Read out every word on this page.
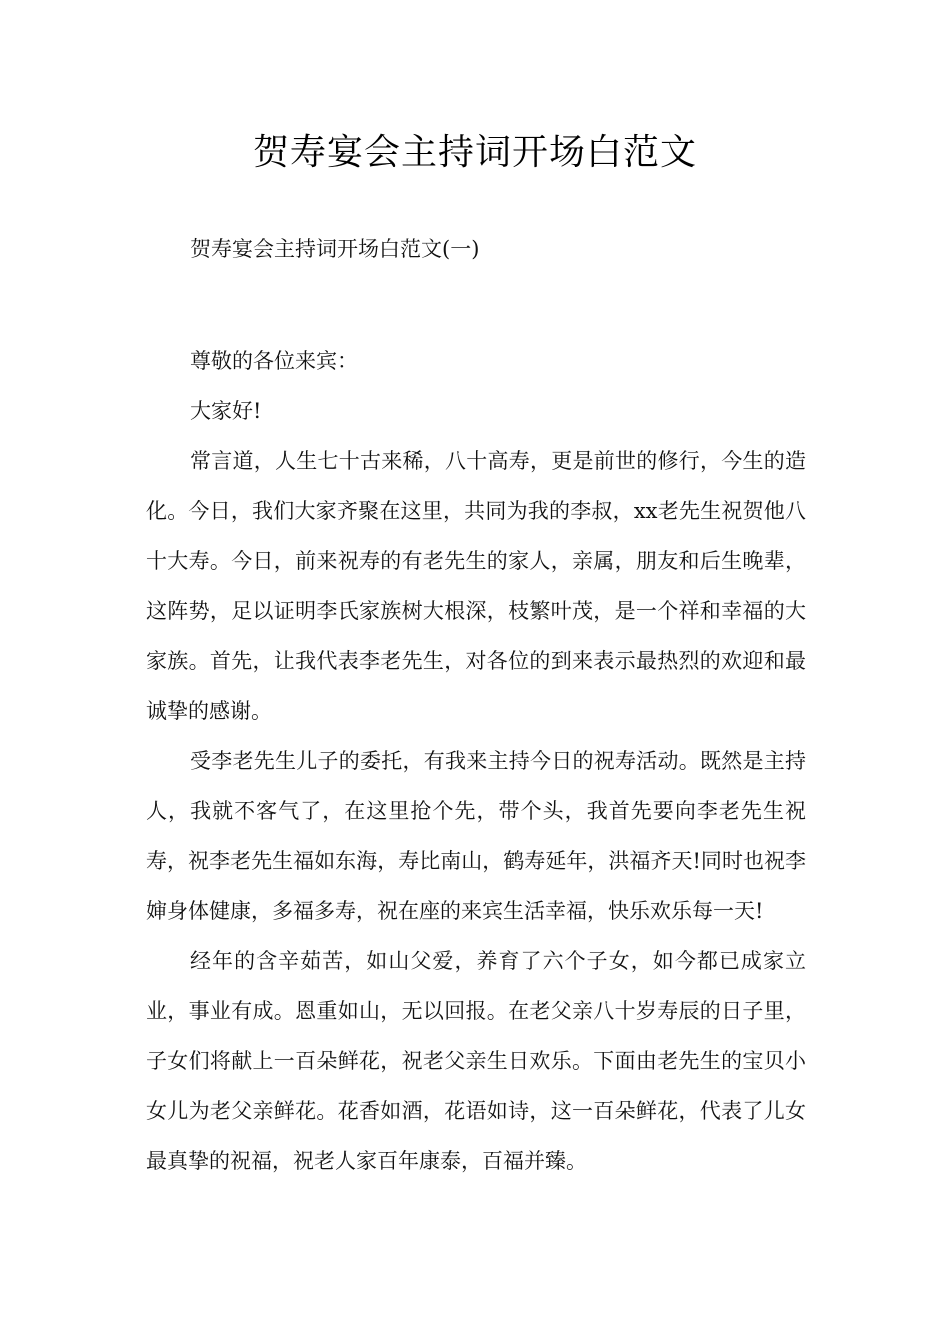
贺寿宴会主持词开场白范文
贺寿宴会主持词开场白范文(一)

尊敬的各位来宾：

大家好!

常言道，人生七十古来稀，八十高寿，更是前世的修行，今生的造化。今日，我们大家齐聚在这里，共同为我的李叔，xx老先生祝贺他八十大寿。今日，前来祝寿的有老先生的家人，亲属，朋友和后生晚辈，这阵势，足以证明李氏家族树大根深，枝繁叶茂，是一个祥和幸福的大家族。首先，让我代表李老先生，对各位的到来表示最热烈的欢迎和最诚挚的感谢。

受李老先生儿子的委托，有我来主持今日的祝寿活动。既然是主持人，我就不客气了，在这里抢个先，带个头，我首先要向李老先生祝寿，祝李老先生福如东海，寿比南山，鹤寿延年，洪福齐天!同时也祝李婶身体健康，多福多寿，祝在座的来宾生活幸福，快乐欢乐每一天!

经年的含辛茹苦，如山父爱，养育了六个子女，如今都已成家立业，事业有成。恩重如山，无以回报。在老父亲八十岁寿辰的日子里，子女们将献上一百朵鲜花，祝老父亲生日欢乐。下面由老先生的宝贝小女儿为老父亲鲜花。花香如酒，花语如诗，这一百朵鲜花，代表了儿女最真挚的祝福，祝老人家百年康泰，百福并臻。
